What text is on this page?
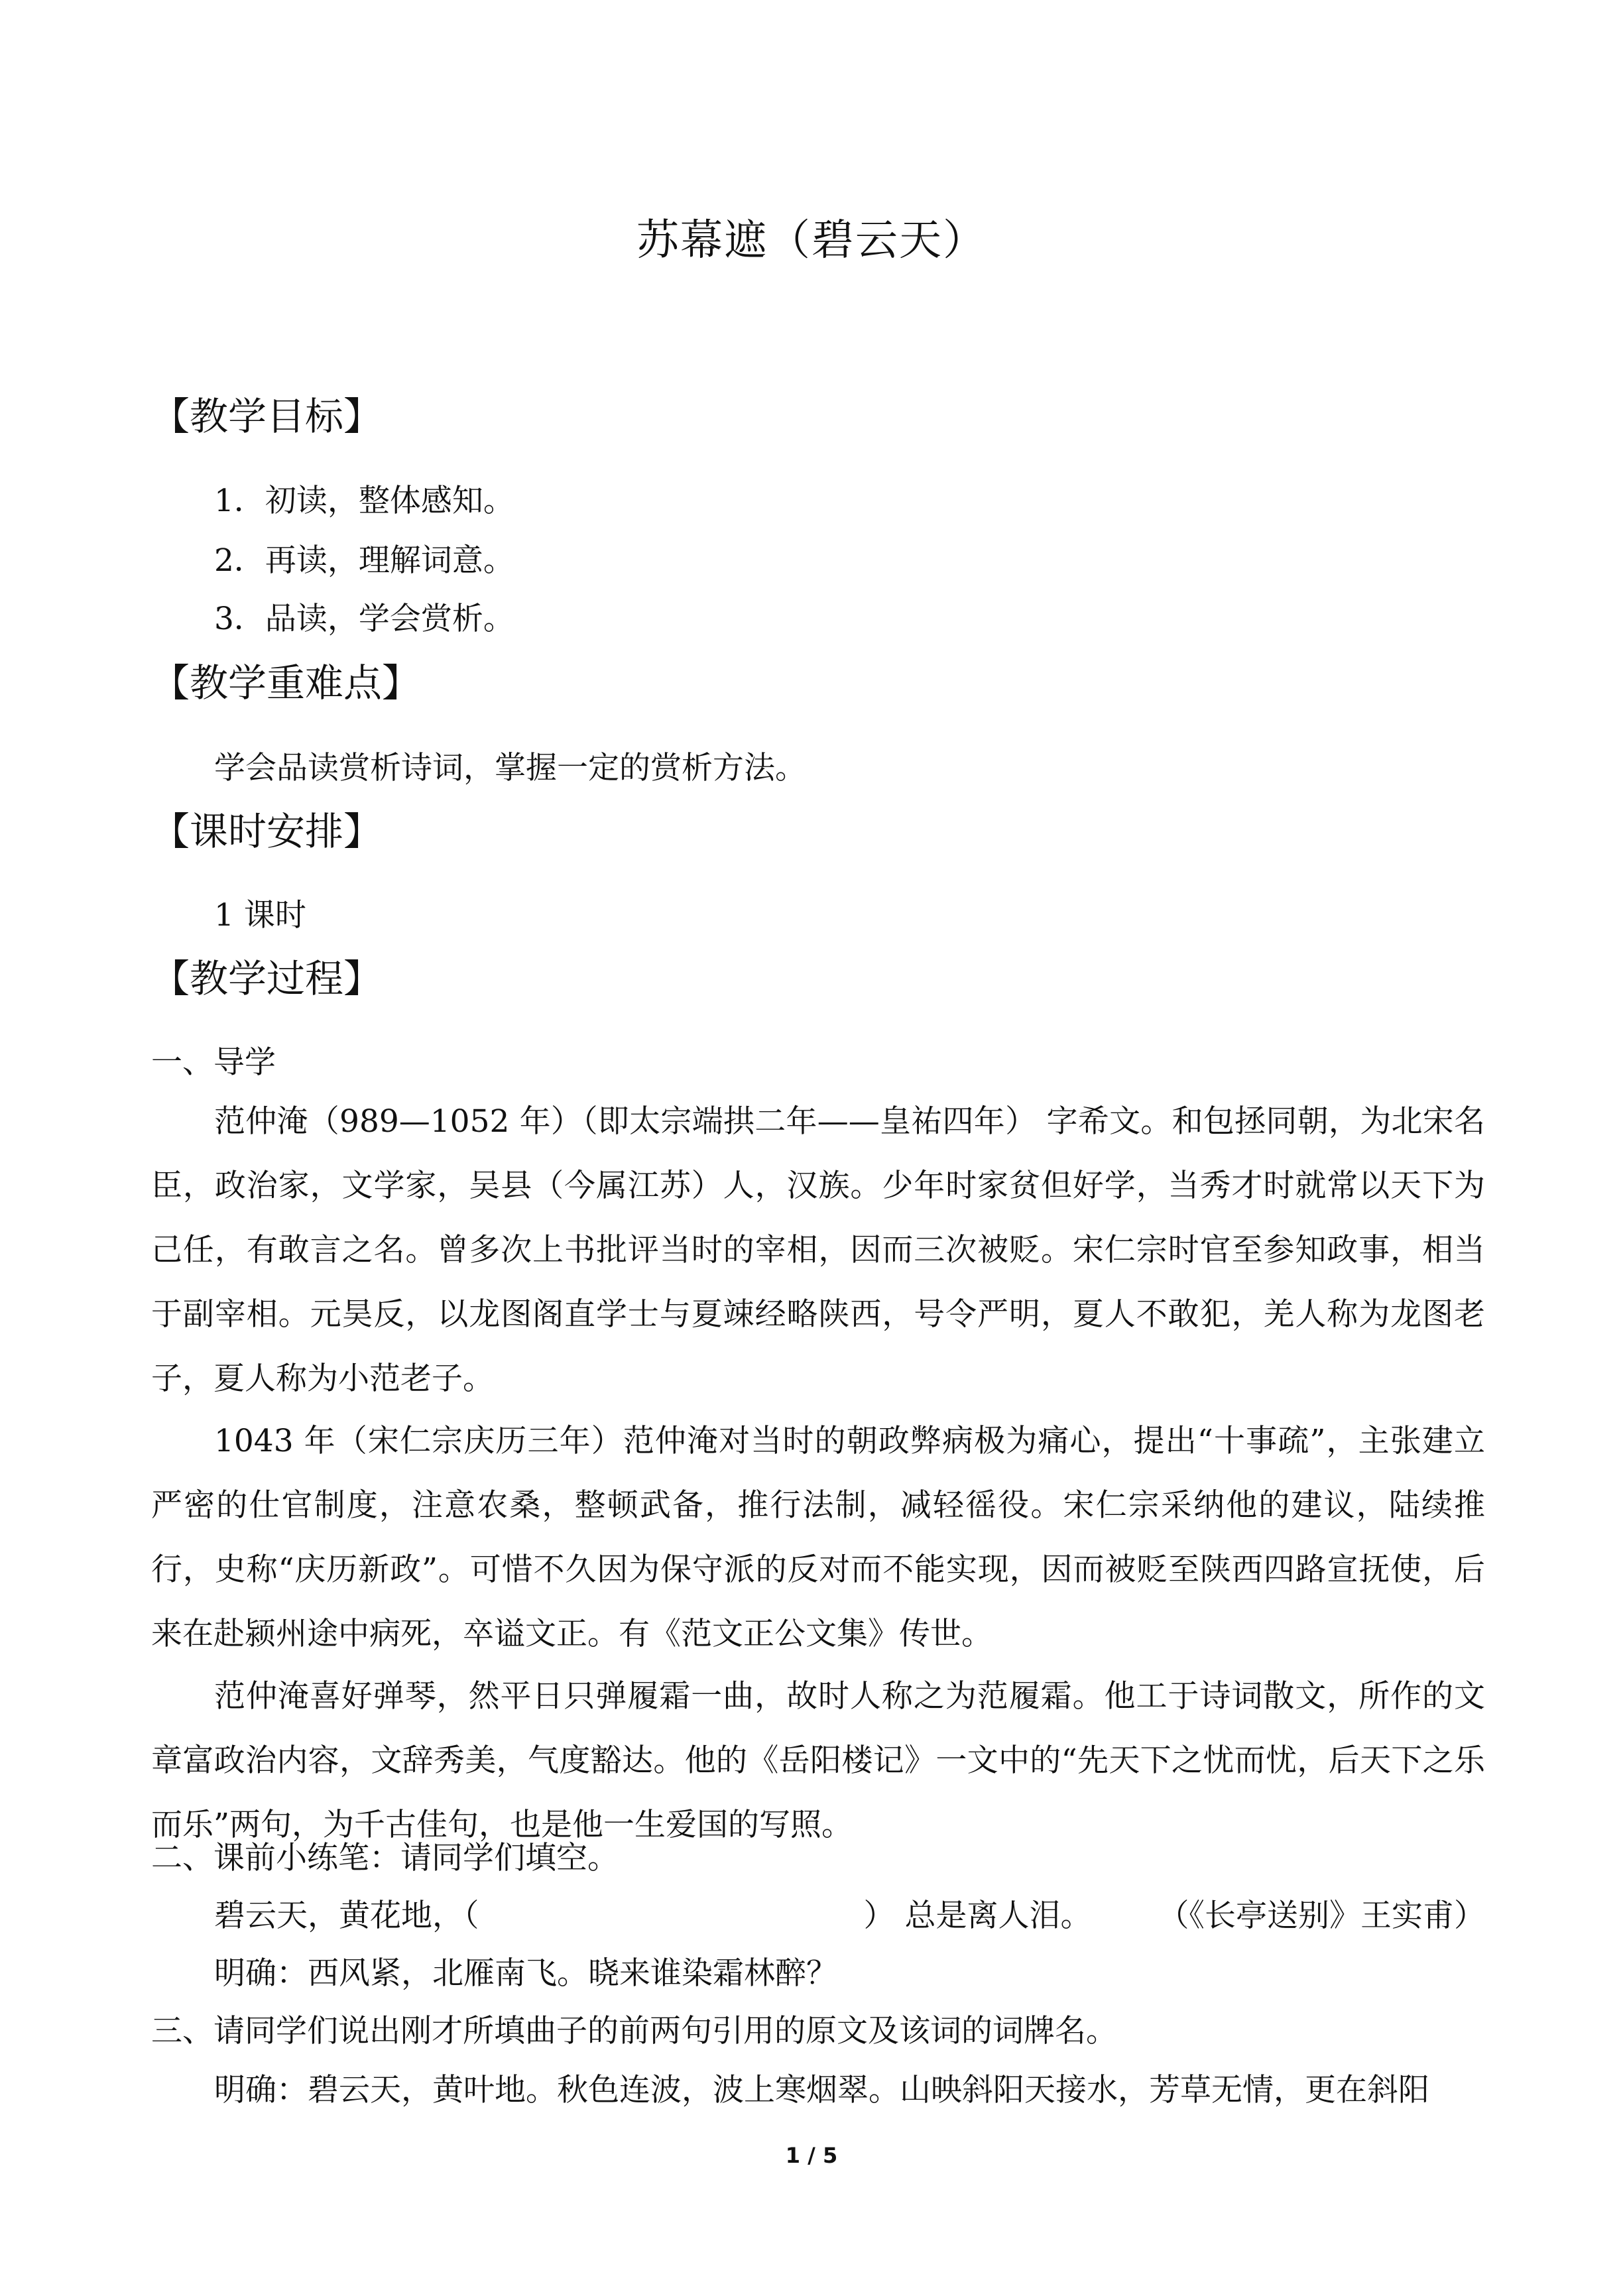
苏幕遮（碧云天）
【教学目标】
1．初读，整体感知。
2．再读，理解词意。
3．品读，学会赏析。
【教学重难点】
学会品读赏析诗词，掌握一定的赏析方法。
【课时安排】
1 课时
【教学过程】
一、导学
范仲淹（989—1052 年）（即太宗端拱二年——皇祐四年） 字希文。和包拯同朝，为北宋名臣，政治家，文学家，吴县（今属江苏）人，汉族。少年时家贫但好学，当秀才时就常以天下为己任，有敢言之名。曾多次上书批评当时的宰相，因而三次被贬。宋仁宗时官至参知政事，相当于副宰相。元昊反，以龙图阁直学士与夏竦经略陕西，号令严明，夏人不敢犯，羌人称为龙图老子，夏人称为小范老子。
1043 年（宋仁宗庆历三年）范仲淹对当时的朝政弊病极为痛心，提出“十事疏”，主张建立严密的仕官制度，注意农桑，整顿武备，推行法制，减轻徭役。宋仁宗采纳他的建议，陆续推行，史称“庆历新政”。可惜不久因为保守派的反对而不能实现，因而被贬至陕西四路宣抚使，后来在赴颍州途中病死，卒谥文正。有《范文正公文集》传世。
范仲淹喜好弹琴，然平日只弹履霜一曲，故时人称之为范履霜。他工于诗词散文，所作的文章富政治内容，文辞秀美，气度豁达。他的《岳阳楼记》一文中的“先天下之忧而忧，后天下之乐而乐”两句，为千古佳句，也是他一生爱国的写照。
二、课前小练笔：请同学们填空。
碧云天，黄花地，（	） 总是离人泪。 （《长亭送别》王实甫）
明确：西风紧，北雁南飞。晓来谁染霜林醉？
三、请同学们说出刚才所填曲子的前两句引用的原文及该词的词牌名。
明确：碧云天，黄叶地。秋色连波，波上寒烟翠。山映斜阳天接水，芳草无情，更在斜阳
1 / 5
